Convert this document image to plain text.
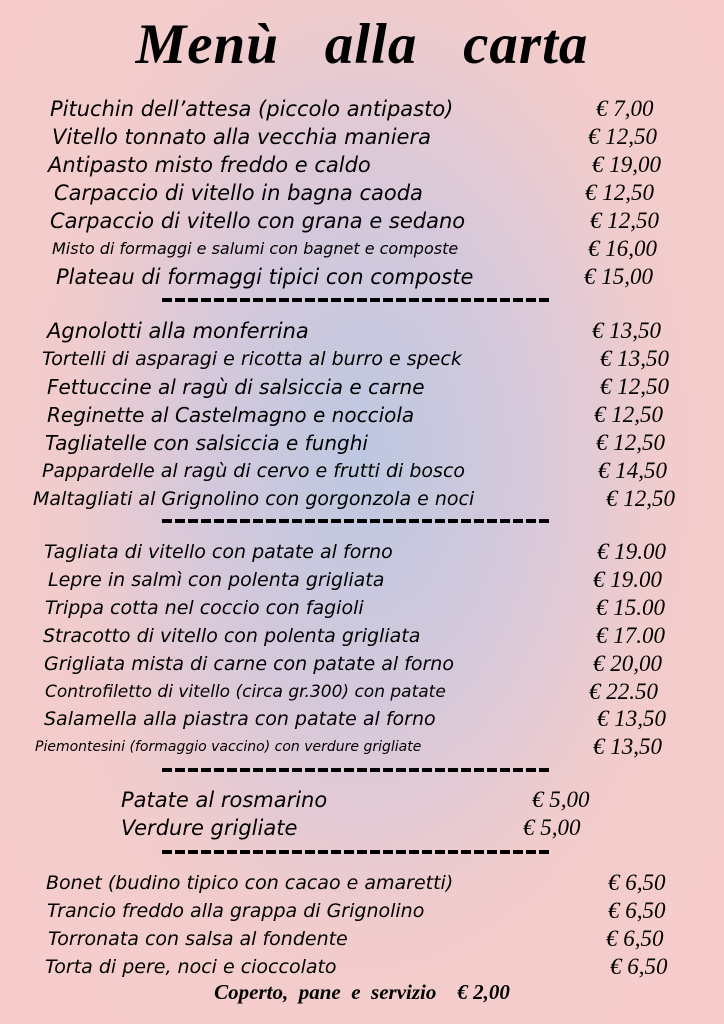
Menù   alla   carta
Pituchin dell’attesa (piccolo antipasto)	€ 7,00
Vitello tonnato alla vecchia maniera	€ 12,50
Antipasto misto freddo e caldo	€ 19,00
Carpaccio di vitello in bagna caoda	€ 12,50
Carpaccio di vitello con grana e sedano	€ 12,50
Misto di formaggi e salumi con bagnet e composte	€ 16,00
Plateau di formaggi tipici con composte	€ 15,00
Agnolotti alla monferrina	€ 13,50
Tortelli di asparagi e ricotta al burro e speck	€ 13,50
Fettuccine al ragù di salsiccia e carne	€ 12,50
Reginette al Castelmagno e nocciola	€ 12,50
Tagliatelle con salsiccia e funghi	€ 12,50
Pappardelle al ragù di cervo e frutti di bosco	€ 14,50
Maltagliati al Grignolino con gorgonzola e noci	€ 12,50
Tagliata di vitello con patate al forno	€ 19.00
Lepre in salmì con polenta grigliata	€ 19.00
Trippa cotta nel coccio con fagioli	€ 15.00
Stracotto di vitello con polenta grigliata	€ 17.00
Grigliata mista di carne con patate al forno	€ 20,00
Controfiletto di vitello (circa gr.300) con patate	€ 22.50
Salamella alla piastra con patate al forno	€ 13,50
Piemontesini (formaggio vaccino) con verdure grigliate	€ 13,50
Patate al rosmarino	€ 5,00
Verdure grigliate	€ 5,00
Bonet (budino tipico con cacao e amaretti)	€ 6,50
Trancio freddo alla grappa di Grignolino	€ 6,50
Torronata con salsa al fondente	€ 6,50
Torta di pere, noci e cioccolato	€ 6,50
Coperto,  pane  e  servizio    € 2,00
